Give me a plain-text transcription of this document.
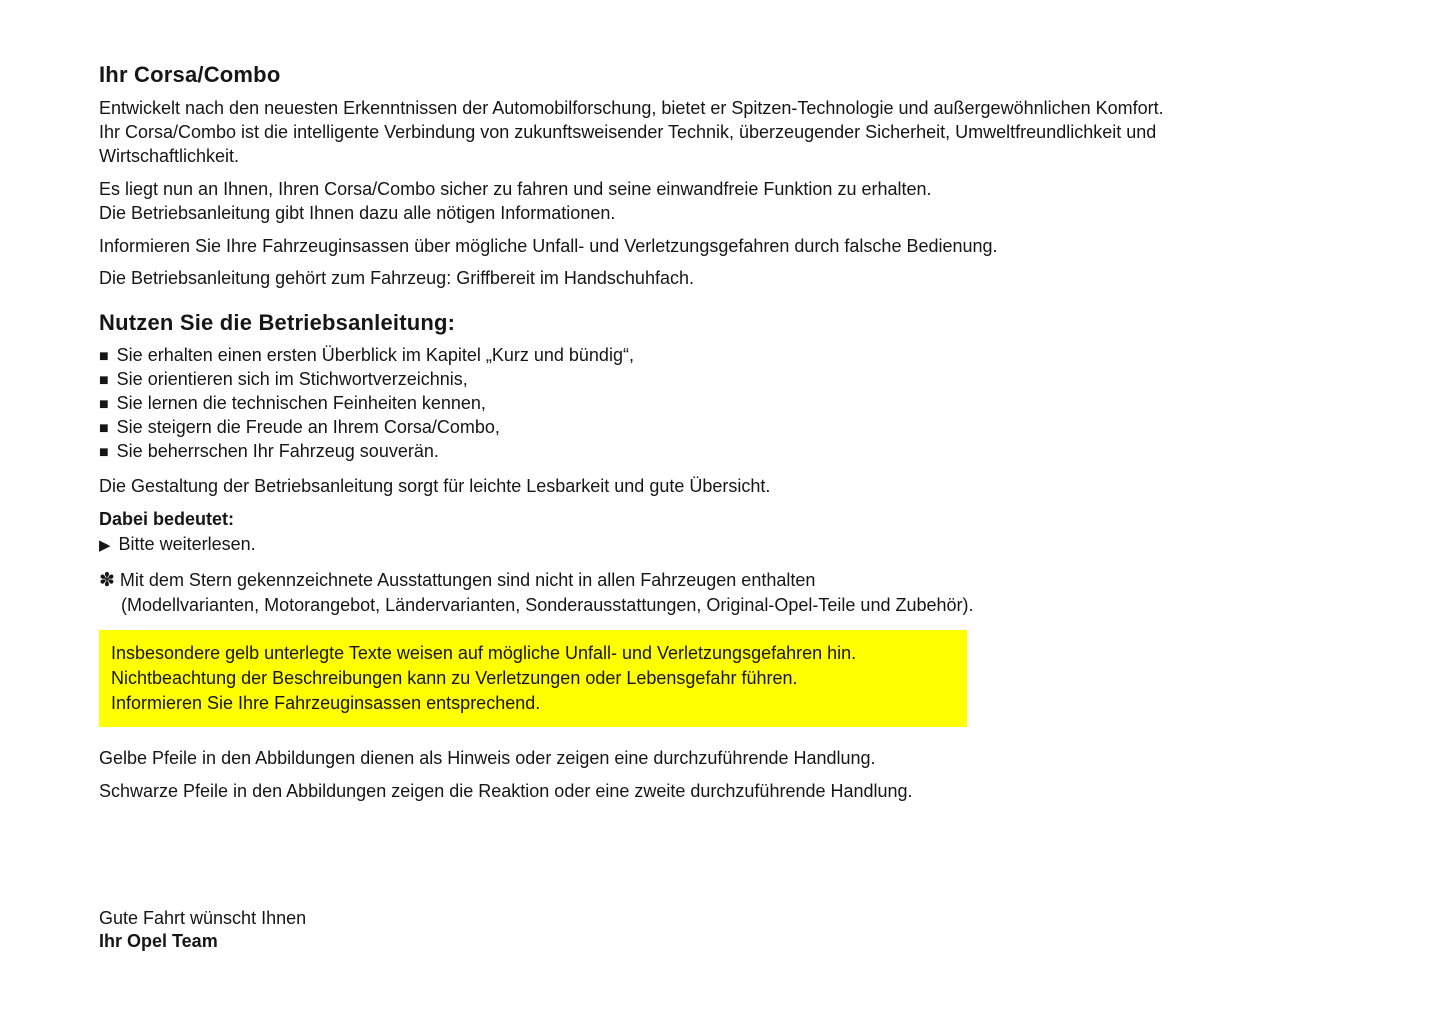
Ihr Corsa/Combo
Entwickelt nach den neuesten Erkenntnissen der Automobilforschung, bietet er Spitzen-Technologie und außergewöhnlichen Komfort.
Ihr Corsa/Combo ist die intelligente Verbindung von zukunftsweisender Technik, überzeugender Sicherheit, Umweltfreundlichkeit und
Wirtschaftlichkeit.
Es liegt nun an Ihnen, Ihren Corsa/Combo sicher zu fahren und seine einwandfreie Funktion zu erhalten.
Die Betriebsanleitung gibt Ihnen dazu alle nötigen Informationen.
Informieren Sie Ihre Fahrzeuginsassen über mögliche Unfall- und Verletzungsgefahren durch falsche Bedienung.
Die Betriebsanleitung gehört zum Fahrzeug: Griffbereit im Handschuhfach.
Nutzen Sie die Betriebsanleitung:
■ Sie erhalten einen ersten Überblick im Kapitel „Kurz und bündig“,
■ Sie orientieren sich im Stichwortverzeichnis,
■ Sie lernen die technischen Feinheiten kennen,
■ Sie steigern die Freude an Ihrem Corsa/Combo,
■ Sie beherrschen Ihr Fahrzeug souverän.
Die Gestaltung der Betriebsanleitung sorgt für leichte Lesbarkeit und gute Übersicht.
Dabei bedeutet:
▶ Bitte weiterlesen.
✽ Mit dem Stern gekennzeichnete Ausstattungen sind nicht in allen Fahrzeugen enthalten
(Modellvarianten, Motorangebot, Ländervarianten, Sonderausstattungen, Original-Opel-Teile und Zubehör).
Insbesondere gelb unterlegte Texte weisen auf mögliche Unfall- und Verletzungsgefahren hin.
Nichtbeachtung der Beschreibungen kann zu Verletzungen oder Lebensgefahr führen.
Informieren Sie Ihre Fahrzeuginsassen entsprechend.
Gelbe Pfeile in den Abbildungen dienen als Hinweis oder zeigen eine durchzuführende Handlung.
Schwarze Pfeile in den Abbildungen zeigen die Reaktion oder eine zweite durchzuführende Handlung.
Gute Fahrt wünscht Ihnen
Ihr Opel Team
